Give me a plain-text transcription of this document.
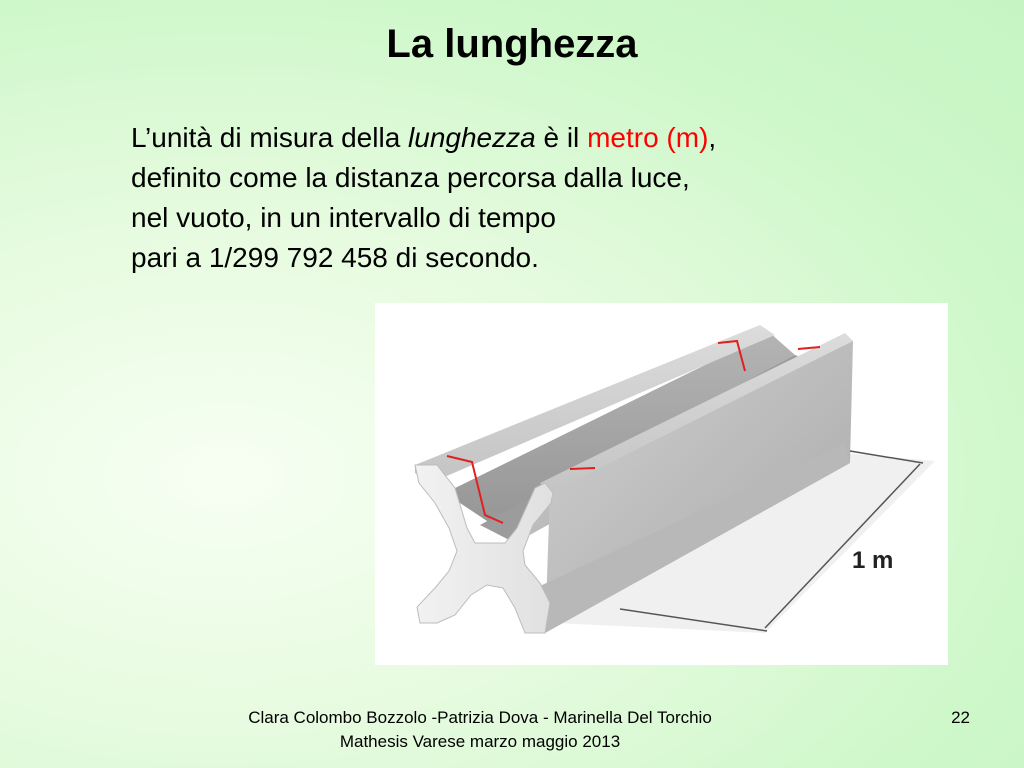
La lunghezza
L’unità di misura della lunghezza è il metro (m),
definito come la distanza percorsa dalla luce,
nel vuoto, in un intervallo di tempo
pari a 1/299 792 458 di secondo.
1 m
Clara Colombo Bozzolo -Patrizia Dova - Marinella Del Torchio
Mathesis Varese marzo maggio 2013
22
